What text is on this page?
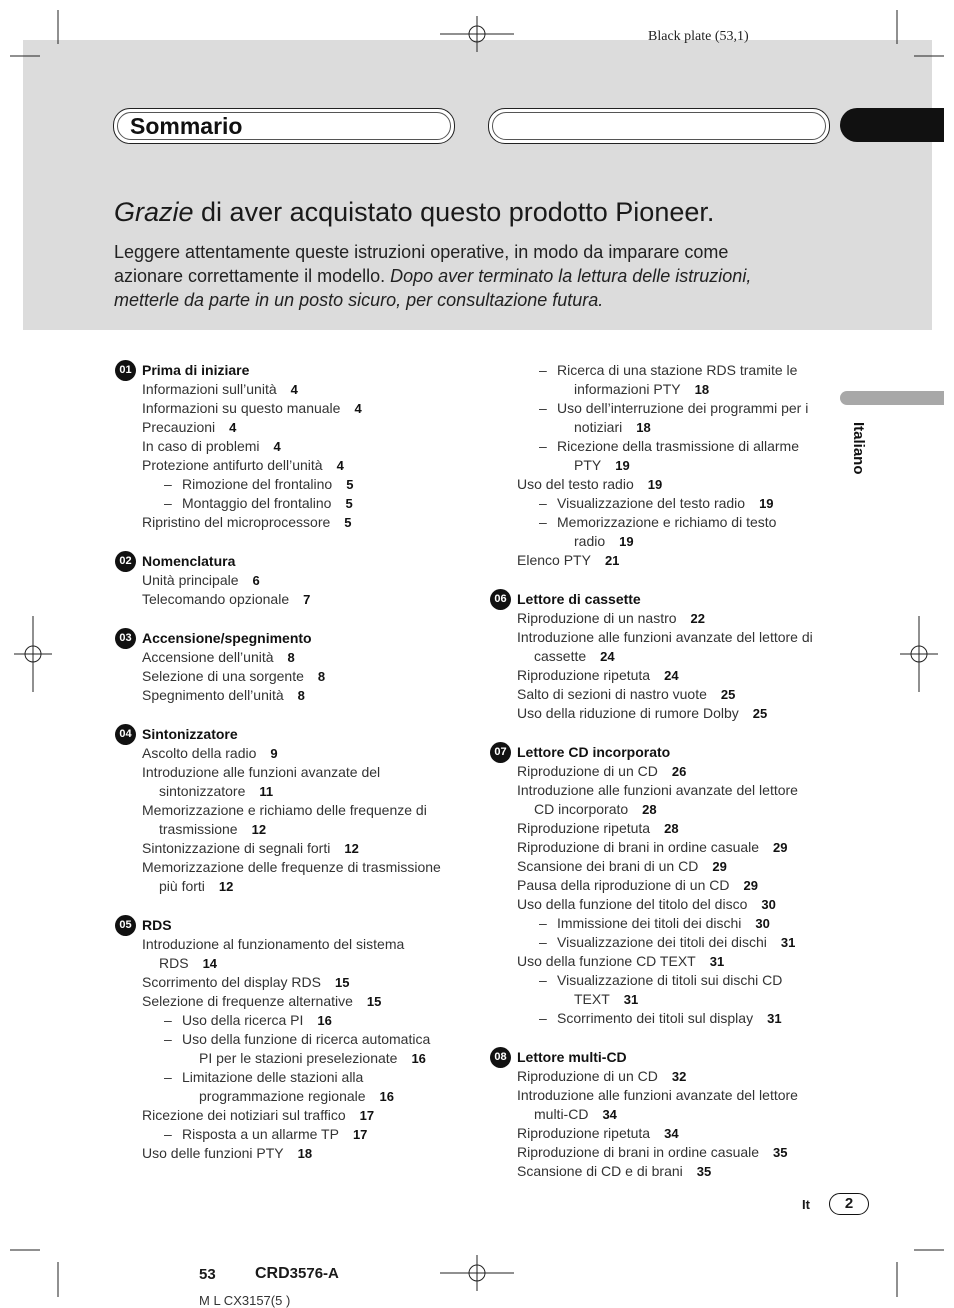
Black plate (53,1)
Sommario
Grazie di aver acquistato questo prodotto Pioneer.
Leggere attentamente queste istruzioni operative, in modo da imparare come
azionare correttamente il modello. Dopo aver terminato la lettura delle istruzioni,
metterle da parte in un posto sicuro, per consultazione futura.
01 Prima di iniziare
Informazioni sull’unità 4
Informazioni su questo manuale 4
Precauzioni 4
In caso di problemi 4
Protezione antifurto dell’unità 4
– Rimozione del frontalino 5
– Montaggio del frontalino 5
Ripristino del microprocessore 5
02 Nomenclatura
Unità principale 6
Telecomando opzionale 7
03 Accensione/spegnimento
Accensione dell’unità 8
Selezione di una sorgente 8
Spegnimento dell’unità 8
04 Sintonizzatore
Ascolto della radio 9
Introduzione alle funzioni avanzate del
sintonizzatore 11
Memorizzazione e richiamo delle frequenze di
trasmissione 12
Sintonizzazione di segnali forti 12
Memorizzazione delle frequenze di trasmissione
più forti 12
05 RDS
Introduzione al funzionamento del sistema
RDS 14
Scorrimento del display RDS 15
Selezione di frequenze alternative 15
– Uso della ricerca PI 16
– Uso della funzione di ricerca automatica
PI per le stazioni preselezionate 16
– Limitazione delle stazioni alla
programmazione regionale 16
Ricezione dei notiziari sul traffico 17
– Risposta a un allarme TP 17
Uso delle funzioni PTY 18
– Ricerca di una stazione RDS tramite le
informazioni PTY 18
– Uso dell’interruzione dei programmi per i
notiziari 18
– Ricezione della trasmissione di allarme
PTY 19
Uso del testo radio 19
– Visualizzazione del testo radio 19
– Memorizzazione e richiamo di testo
radio 19
Elenco PTY 21
06 Lettore di cassette
Riproduzione di un nastro 22
Introduzione alle funzioni avanzate del lettore di
cassette 24
Riproduzione ripetuta 24
Salto di sezioni di nastro vuote 25
Uso della riduzione di rumore Dolby 25
07 Lettore CD incorporato
Riproduzione di un CD 26
Introduzione alle funzioni avanzate del lettore
CD incorporato 28
Riproduzione ripetuta 28
Riproduzione di brani in ordine casuale 29
Scansione dei brani di un CD 29
Pausa della riproduzione di un CD 29
Uso della funzione del titolo del disco 30
– Immissione dei titoli dei dischi 30
– Visualizzazione dei titoli dei dischi 31
Uso della funzione CD TEXT 31
– Visualizzazione di titoli sui dischi CD
TEXT 31
– Scorrimento dei titoli sul display 31
08 Lettore multi-CD
Riproduzione di un CD 32
Introduzione alle funzioni avanzate del lettore
multi-CD 34
Riproduzione ripetuta 34
Riproduzione di brani in ordine casuale 35
Scansione di CD e di brani 35
Italiano
It	2
53 CRD3576-A
M L CX3157(5 )
